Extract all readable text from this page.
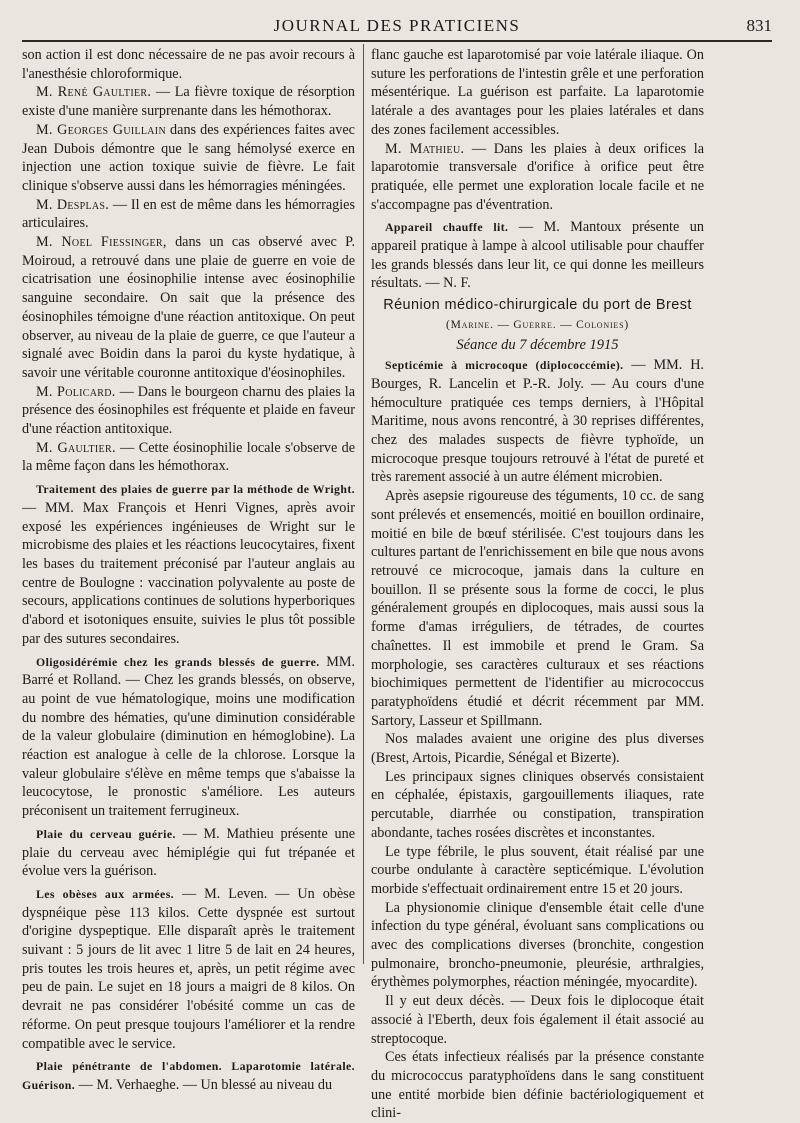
JOURNAL DES PRATICIENS	831

son action il est donc nécessaire de ne pas avoir recours à l'anesthésie chloroformique.

M. René Gaultier. — La fièvre toxique de résorption existe d'une manière surprenante dans les hémothorax.

M. Georges Guillain dans des expériences faites avec Jean Dubois démontre que le sang hémolysé exerce en injection une action toxique suivie de fièvre. Le fait clinique s'observe aussi dans les hémorragies méningées.

M. Desplas. — Il en est de même dans les hémorragies articulaires.

M. Noel Fiessinger, dans un cas observé avec P. Moiroud, a retrouvé dans une plaie de guerre en voie de cicatrisation une éosinophilie intense avec éosinophilie sanguine secondaire. On sait que la présence des éosinophiles témoigne d'une réaction antitoxique. On peut observer, au niveau de la plaie de guerre, ce que l'auteur a signalé avec Boidin dans la paroi du kyste hydatique, à savoir une véritable couronne antitoxique d'éosinophiles.

M. Policard. — Dans le bourgeon charnu des plaies la présence des éosinophiles est fréquente et plaide en faveur d'une réaction antitoxique.

M. Gaultier. — Cette éosinophilie locale s'observe de la même façon dans les hémothorax.

Traitement des plaies de guerre par la méthode de Wright. — MM. Max François et Henri Vignes, après avoir exposé les expériences ingénieuses de Wright sur le microbisme des plaies et les réactions leucocytaires, fixent les bases du traitement préconisé par l'auteur anglais au centre de Boulogne : vaccination polyvalente au poste de secours, applications continues de solutions hyperboriques d'abord et isotoniques ensuite, suivies le plus tôt possible par des sutures secondaires.

Oligosidérémie chez les grands blessés de guerre. MM. Barré et Rolland. — Chez les grands blessés, on observe, au point de vue hématologique, moins une modification du nombre des hématies, qu'une diminution considérable de la valeur globulaire (diminution en hémoglobine). La réaction est analogue à celle de la chlorose. Lorsque la valeur globulaire s'élève en même temps que s'abaisse la leucocytose, le pronostic s'améliore. Les auteurs préconisent un traitement ferrugineux.

Plaie du cerveau guérie. — M. Mathieu présente une plaie du cerveau avec hémiplégie qui fut trépanée et évolue vers la guérison.

Les obèses aux armées. — M. Leven. — Un obèse dyspnéique pèse 113 kilos. Cette dyspnée est surtout d'origine dyspeptique. Elle disparaît après le traitement suivant : 5 jours de lit avec 1 litre 5 de lait en 24 heures, pris toutes les trois heures et, après, un petit régime avec peu de pain. Le sujet en 18 jours a maigri de 8 kilos. On devrait ne pas considérer l'obésité comme un cas de réforme. On peut presque toujours l'améliorer et la rendre compatible avec le service.

Plaie pénétrante de l'abdomen. Laparotomie latérale. Guérison. — M. Verhaeghe. — Un blessé au niveau du

flanc gauche est laparotomisé par voie latérale iliaque. On suture les perforations de l'intestin grêle et une perforation mésentérique. La guérison est parfaite. La laparotomie latérale a des avantages pour les plaies latérales et dans des zones facilement accessibles.

M. Mathieu. — Dans les plaies à deux orifices la laparotomie transversale d'orifice à orifice peut être pratiquée, elle permet une exploration locale facile et ne s'accompagne pas d'éventration.

Appareil chauffe lit. — M. Mantoux présente un appareil pratique à lampe à alcool utilisable pour chauffer les grands blessés dans leur lit, ce qui donne les meilleurs résultats. — N. F.

Réunion médico-chirurgicale du port de Brest
(Marine. — Guerre. — Colonies)
Séance du 7 décembre 1915

Septicémie à microcoque (diplococcémie). — MM. H. Bourges, R. Lancelin et P.-R. Joly. — Au cours d'une hémoculture pratiquée ces temps derniers, à l'Hôpital Maritime, nous avons rencontré, à 30 reprises différentes, chez des malades suspects de fièvre typhoïde, un microcoque presque toujours retrouvé à l'état de pureté et très rarement associé à un autre élément microbien.

Après asepsie rigoureuse des téguments, 10 cc. de sang sont prélevés et ensemencés, moitié en bouillon ordinaire, moitié en bile de bœuf stérilisée. C'est toujours dans les cultures partant de l'enrichissement en bile que nous avons retrouvé ce microcoque, jamais dans la culture en bouillon. Il se présente sous la forme de cocci, le plus généralement groupés en diplocoques, mais aussi sous la forme d'amas irréguliers, de tétrades, de courtes chaînettes. Il est immobile et prend le Gram. Sa morphologie, ses caractères culturaux et ses réactions biochimiques permettent de l'identifier au micrococcus paratyphoïdens étudié et décrit récemment par MM. Sartory, Lasseur et Spillmann.

Nos malades avaient une origine des plus diverses (Brest, Artois, Picardie, Sénégal et Bizerte).

Les principaux signes cliniques observés consistaient en céphalée, épistaxis, gargouillements iliaques, rate percutable, diarrhée ou constipation, transpiration abondante, taches rosées discrètes et inconstantes.

Le type fébrile, le plus souvent, était réalisé par une courbe ondulante à caractère septicémique. L'évolution morbide s'effectuait ordinairement entre 15 et 20 jours.

La physionomie clinique d'ensemble était celle d'une infection du type général, évoluant sans complications ou avec des complications diverses (bronchite, congestion pulmonaire, broncho-pneumonie, pleurésie, arthralgies, érythèmes polymorphes, réaction méningée, myocardite).

Il y eut deux décès. — Deux fois le diplocoque était associé à l'Eberth, deux fois également il était associé au streptocoque.

Ces états infectieux réalisés par la présence constante du micrococcus paratyphoïdens dans le sang constituent une entité morbide bien définie bactériologiquement et clini-
